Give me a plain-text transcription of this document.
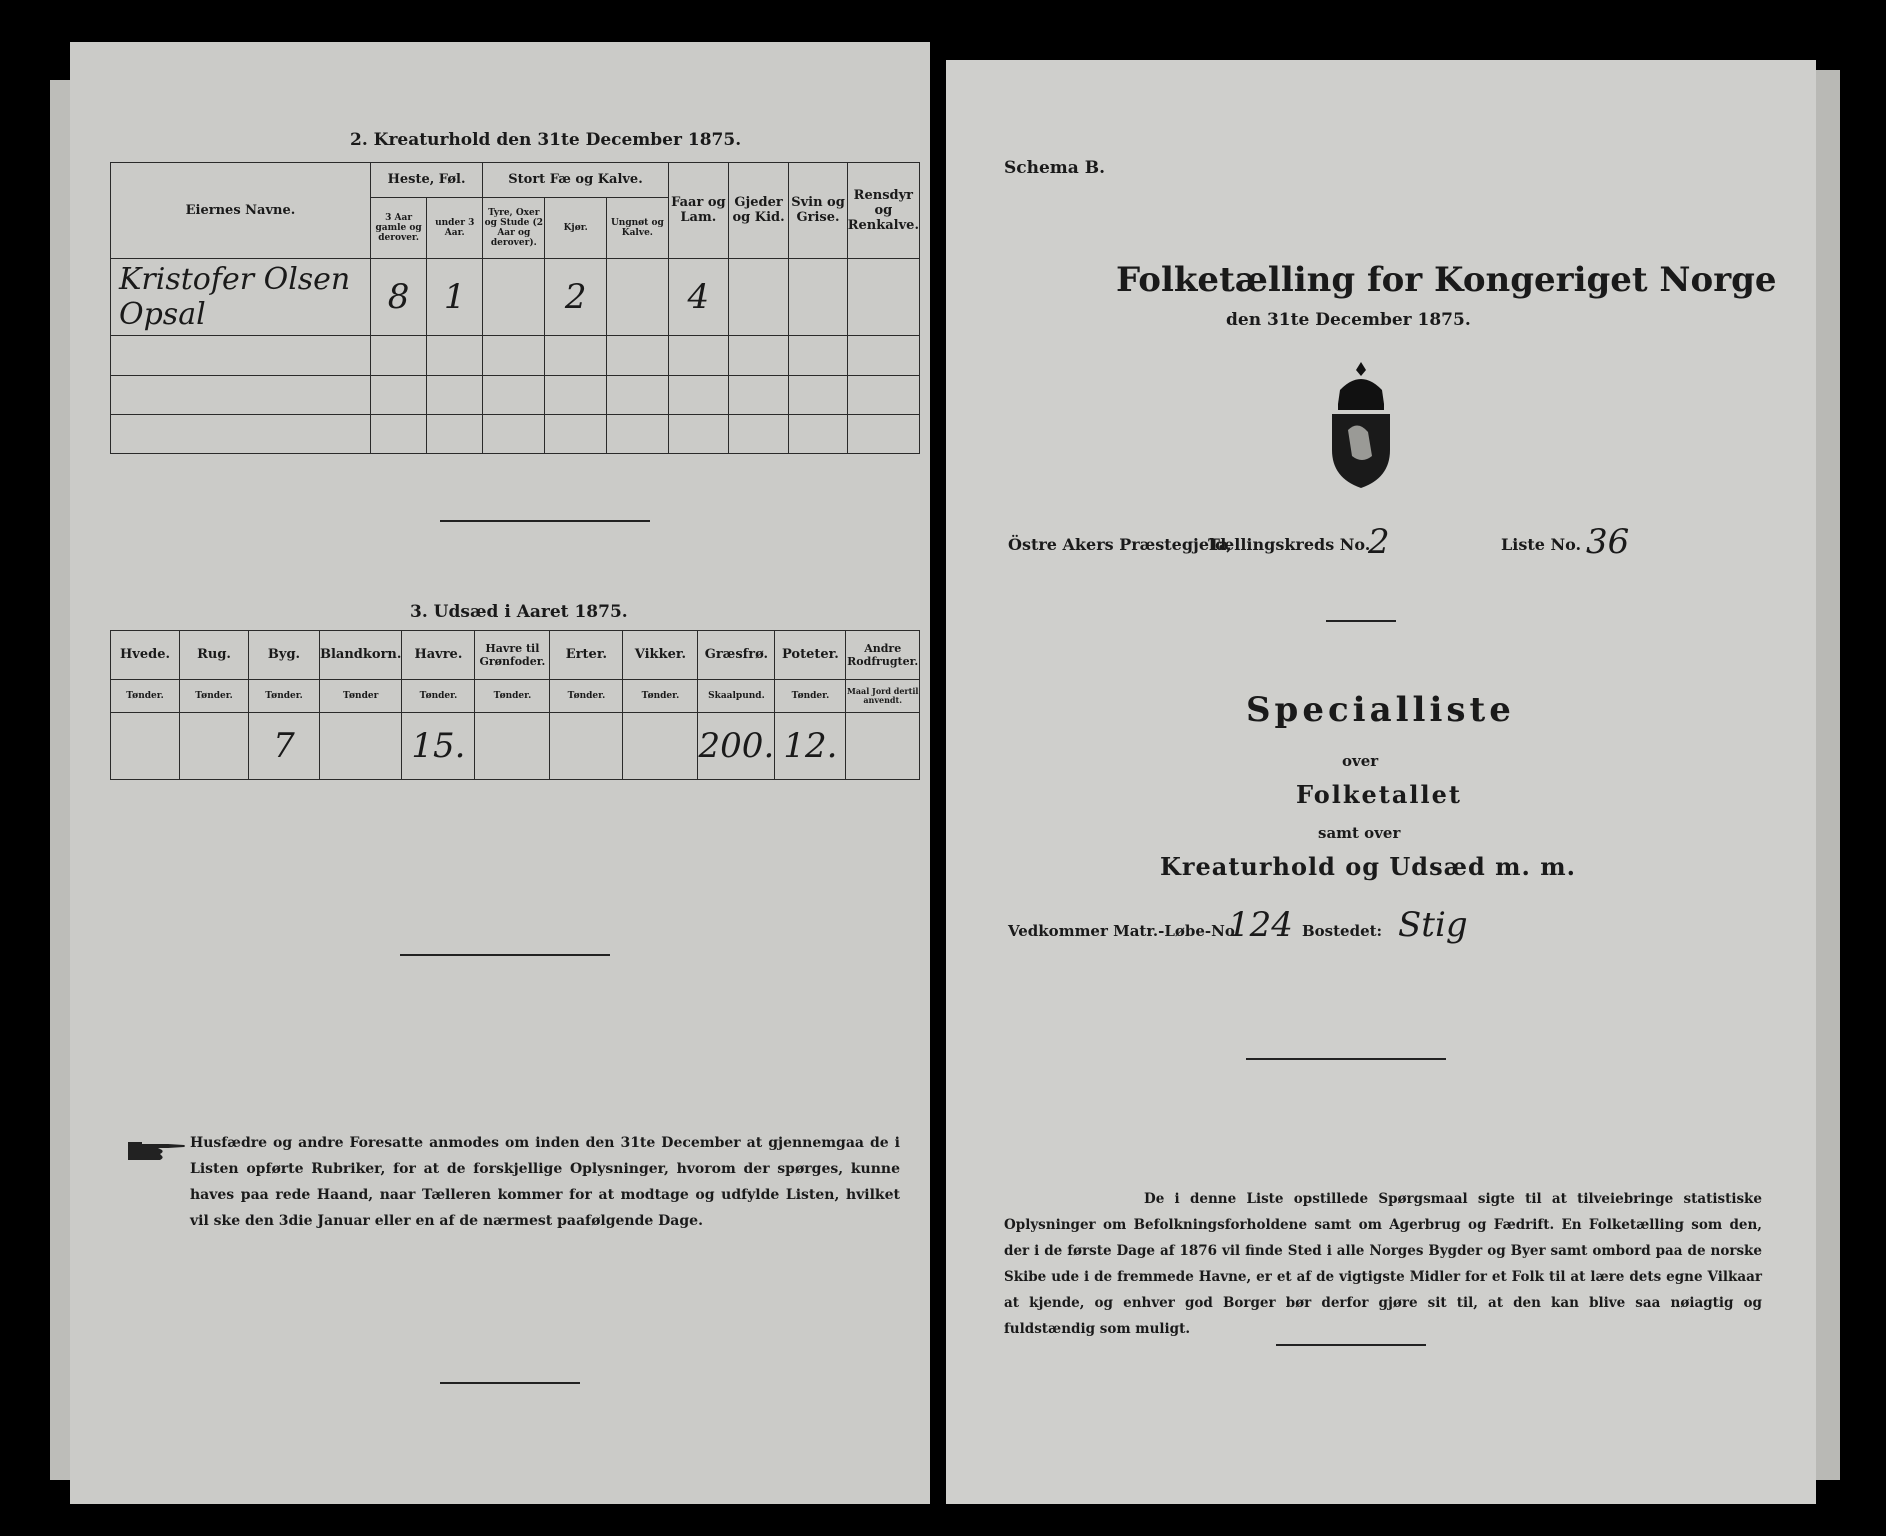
2. Kreaturhold den 31te December 1875.
Eiernes Navne.	Heste, Føl.		Stort Fæ og Kalve.			Faar og Lam.	Gjeder og Kid.	Svin og Grise.	Rensdyr og Renkalve.
	3 Aar gamle og derover.	under 3 Aar.	Tyre, Oxer og Stude (2 Aar og derover).	Kjør.	Ungnøt og Kalve.				
Kristofer Olsen Opsal	8	1		2		4			

3. Udsæd i Aaret 1875.
Hvede.	Rug.	Byg.	Blandkorn.	Havre.	Havre til Grønfoder.	Erter.	Vikker.	Græsfrø.	Poteter.	Andre Rodfrugter.
Tønder.	Tønder.	Tønder.	Tønder	Tønder.	Tønder.	Tønder.	Tønder.	Skaalpund.	Tønder.	Maal Jord dertil anvendt.
		7		15.				200.	12.	
Husfædre og andre Foresatte anmodes om inden den 31te December at gjennemgaa de i Listen opførte Rubriker, for at de forskjellige Oplysninger, hvorom der spørges, kunne haves paa rede Haand, naar Tælleren kommer for at modtage og udfylde Listen, hvilket vil ske den 3die Januar eller en af de nærmest paafølgende Dage.
Schema B.
Folketælling for Kongeriget Norge
den 31te December 1875.
Östre Akers Præstegjeld,
Tællingskreds No.
2	Liste No. 36
Specialliste
over
Folketallet
samt over
Kreaturhold og Udsæd m. m.
Vedkommer Matr.-Løbe-No.
124 Bostedet: Stig
De i denne Liste opstillede Spørgsmaal sigte til at tilveiebringe statistiske Oplysninger om Befolkningsforholdene samt om Agerbrug og Fædrift. En Folketælling som den, der i de første Dage af 1876 vil finde Sted i alle Norges Bygder og Byer samt ombord paa de norske Skibe ude i de fremmede Havne, er et af de vigtigste Midler for et Folk til at lære dets egne Vilkaar at kjende, og enhver god Borger bør derfor gjøre sit til, at den kan blive saa nøiagtig og fuldstændig som muligt.
